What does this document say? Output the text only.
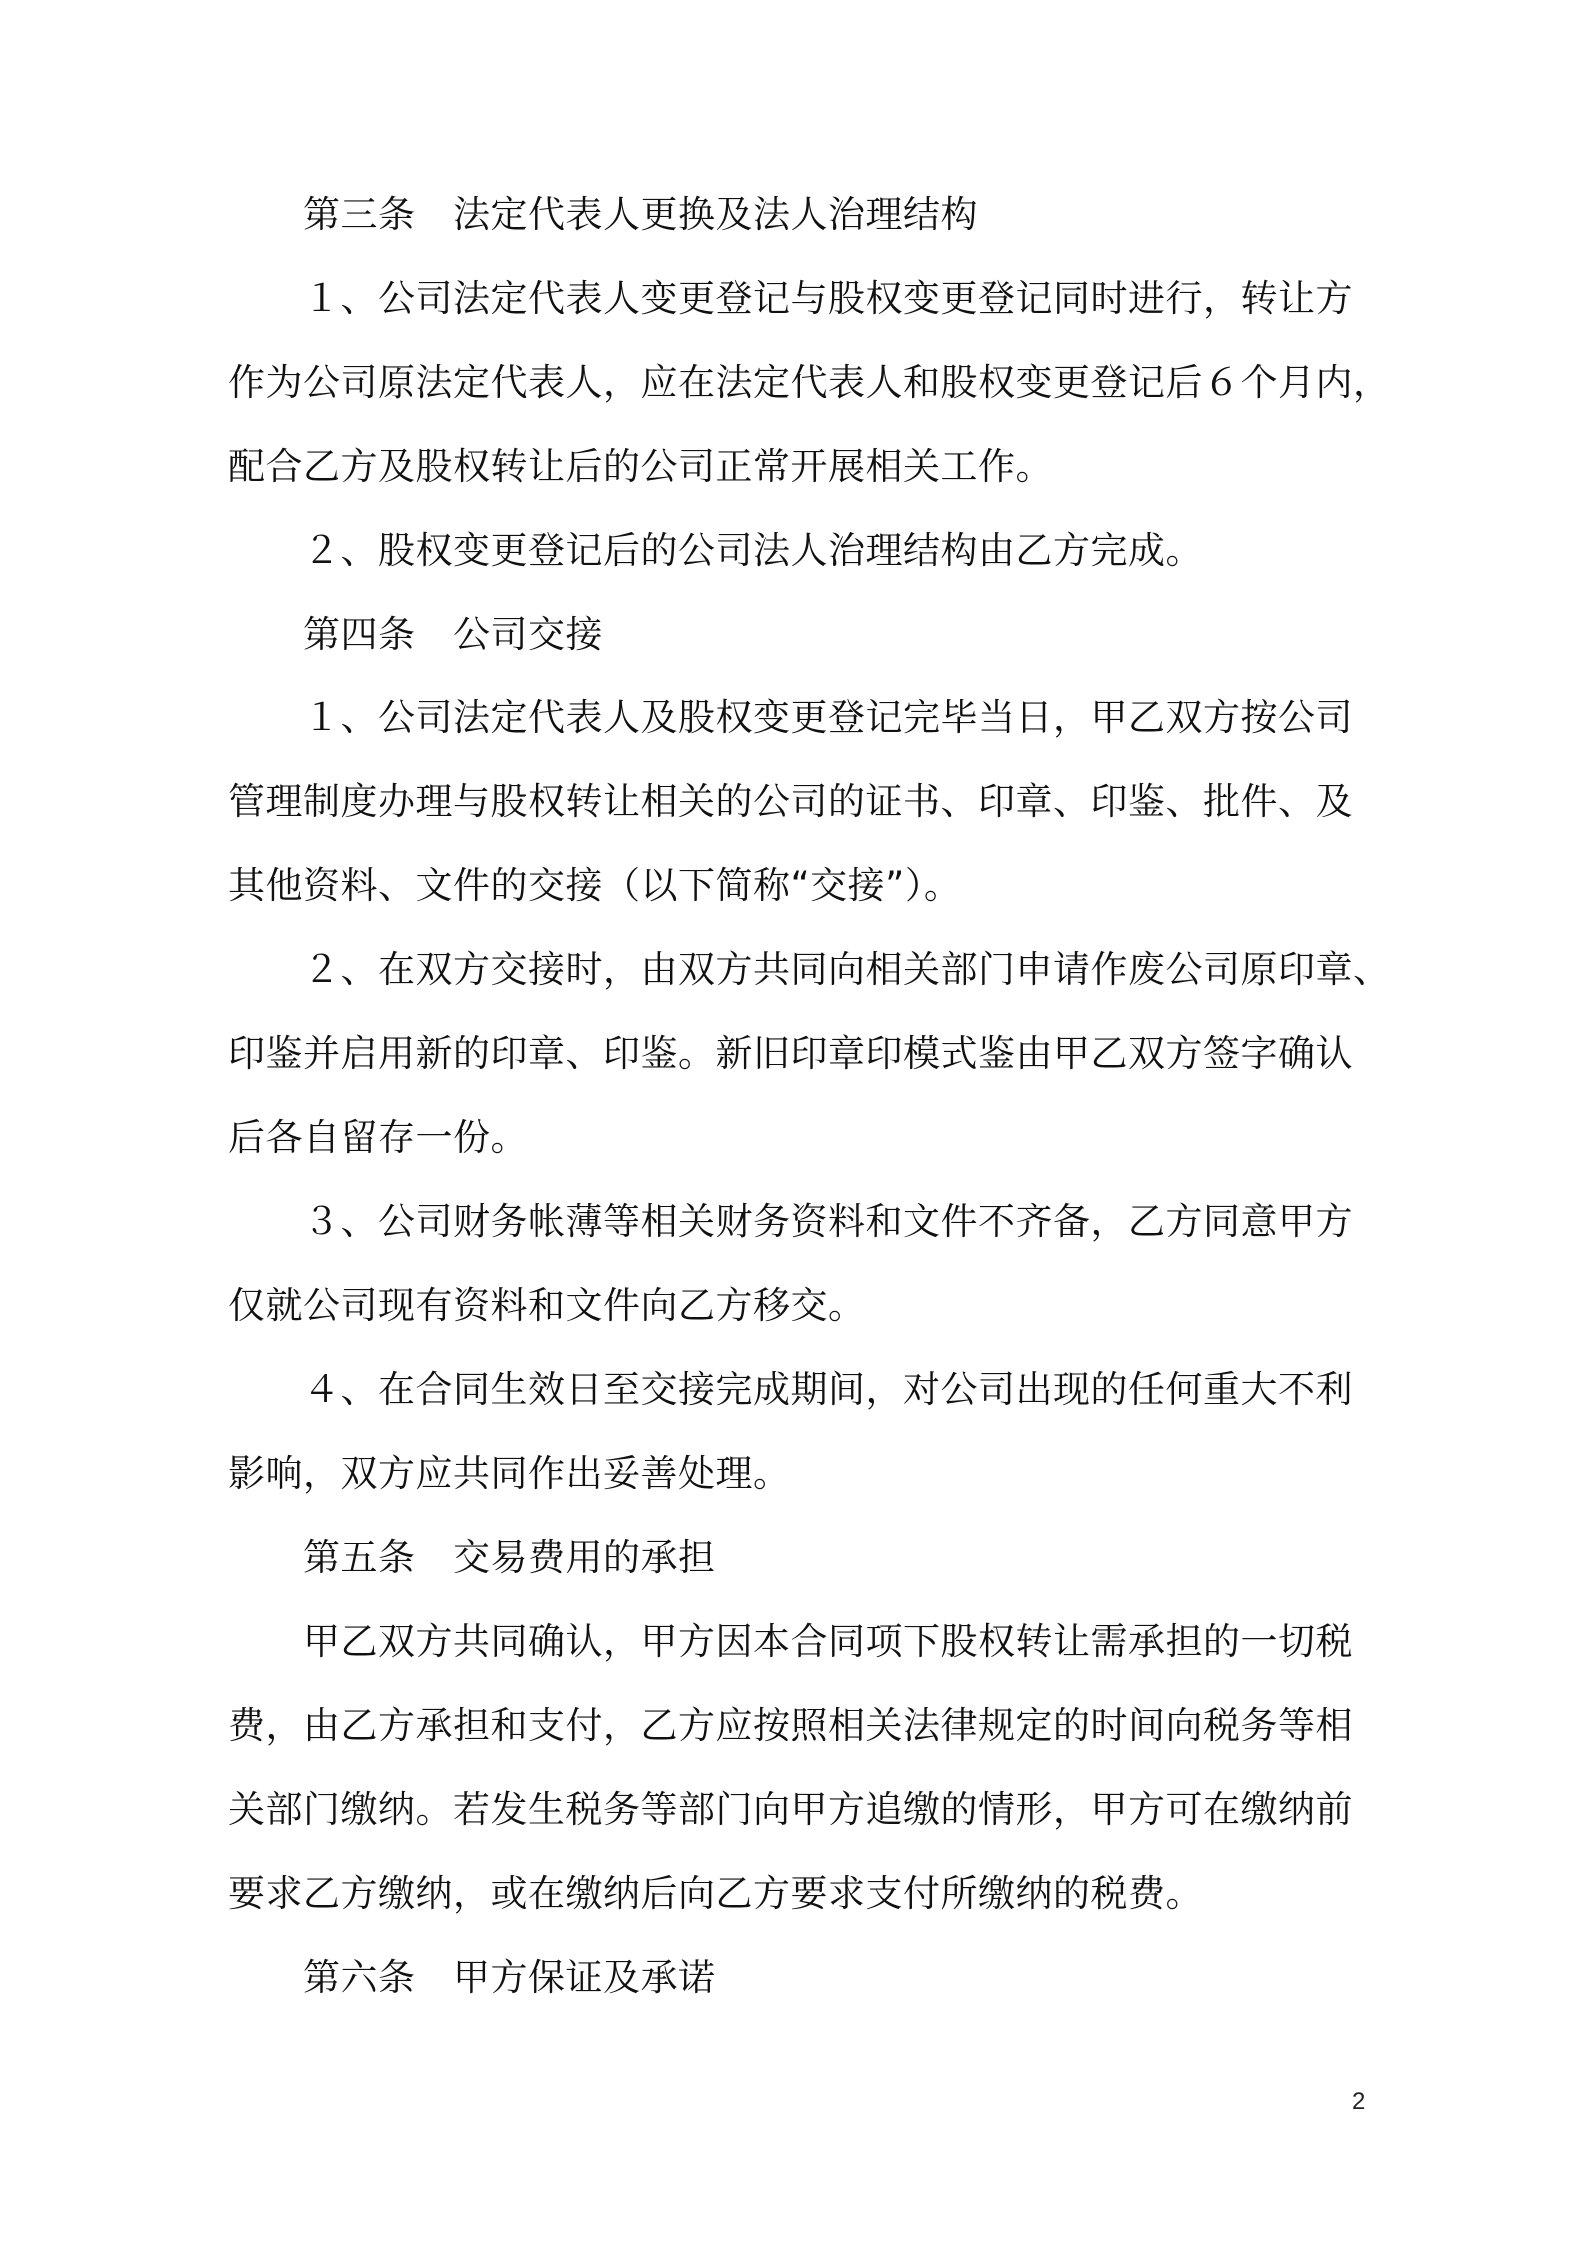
　　第三条　法定代表人更换及法人治理结构
　　１、公司法定代表人变更登记与股权变更登记同时进行，转让方
作为公司原法定代表人，应在法定代表人和股权变更登记后６个月内，
配合乙方及股权转让后的公司正常开展相关工作。
　　２、股权变更登记后的公司法人治理结构由乙方完成。
　　第四条　公司交接
　　１、公司法定代表人及股权变更登记完毕当日，甲乙双方按公司
管理制度办理与股权转让相关的公司的证书、印章、印鉴、批件、及
其他资料、文件的交接（以下简称“交接”）。
　　２、在双方交接时，由双方共同向相关部门申请作废公司原印章、
印鉴并启用新的印章、印鉴。新旧印章印模式鉴由甲乙双方签字确认
后各自留存一份。
　　３、公司财务帐薄等相关财务资料和文件不齐备，乙方同意甲方
仅就公司现有资料和文件向乙方移交。
　　４、在合同生效日至交接完成期间，对公司出现的任何重大不利
影响，双方应共同作出妥善处理。
　　第五条　交易费用的承担
　　甲乙双方共同确认，甲方因本合同项下股权转让需承担的一切税
费，由乙方承担和支付，乙方应按照相关法律规定的时间向税务等相
关部门缴纳。若发生税务等部门向甲方追缴的情形，甲方可在缴纳前
要求乙方缴纳，或在缴纳后向乙方要求支付所缴纳的税费。
　　第六条　甲方保证及承诺
2
